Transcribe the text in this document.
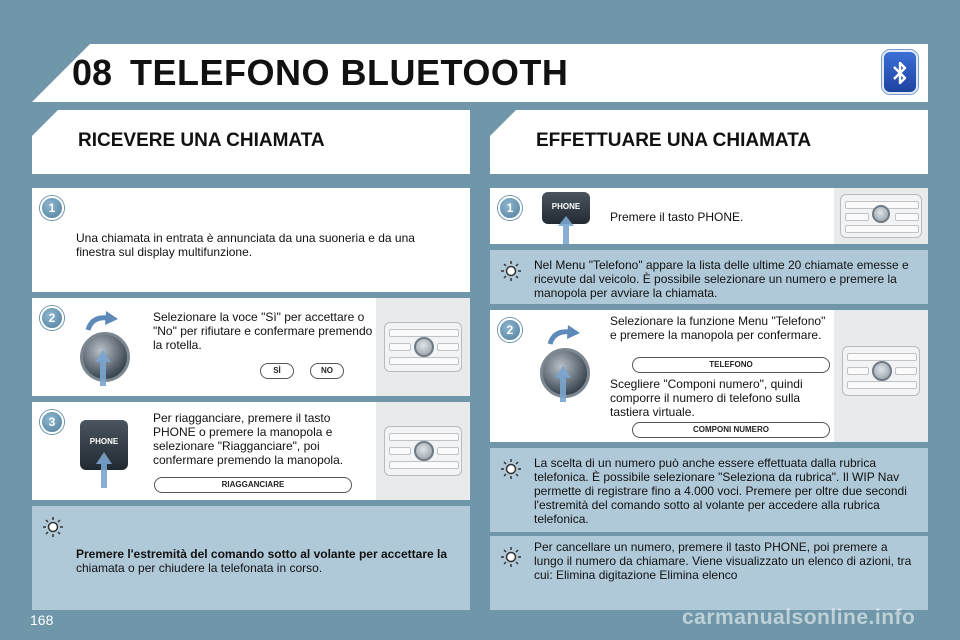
08 TELEFONO BLUETOOTH
RICEVERE UNA CHIAMATA	EFFETTUARE UNA CHIAMATA
1
Una chiamata in entrata è annunciata da una suoneria e da una finestra sul display multifunzione.
2	Selezionare la voce "Sì" per accettare o "No" per rifiutare e confermare premendo la rotella.
SÌ	NO
3
PHONE
Per riagganciare, premere il tasto PHONE o premere la manopola e selezionare "Riagganciare", poi confermare premendo la manopola.
RIAGGANCIARE
Premere l'estremità del comando sotto al volante per accettare la
chiamata o per chiudere la telefonata in corso.
1	PHONE
Premere il tasto PHONE.
Nel Menu "Telefono" appare la lista delle ultime 20 chiamate emesse e ricevute dal veicolo. È possibile selezionare un numero e premere la manopola per avviare la chiamata.
2
Selezionare la funzione Menu "Telefono" e premere la manopola per confermare.
TELEFONO
Scegliere "Componi numero", quindi comporre il numero di telefono sulla tastiera virtuale.
COMPONI NUMERO
La scelta di un numero può anche essere effettuata dalla rubrica telefonica. È possibile selezionare "Seleziona da rubrica". Il WIP Nav permette di registrare fino a 4.000 voci. Premere per oltre due secondi l'estremità del comando sotto al volante per accedere alla rubrica telefonica.
Per cancellare un numero, premere il tasto PHONE, poi premere a lungo il numero da chiamare. Viene visualizzato un elenco di azioni, tra cui: Elimina digitazione Elimina elenco
168	carmanualsonline.info
